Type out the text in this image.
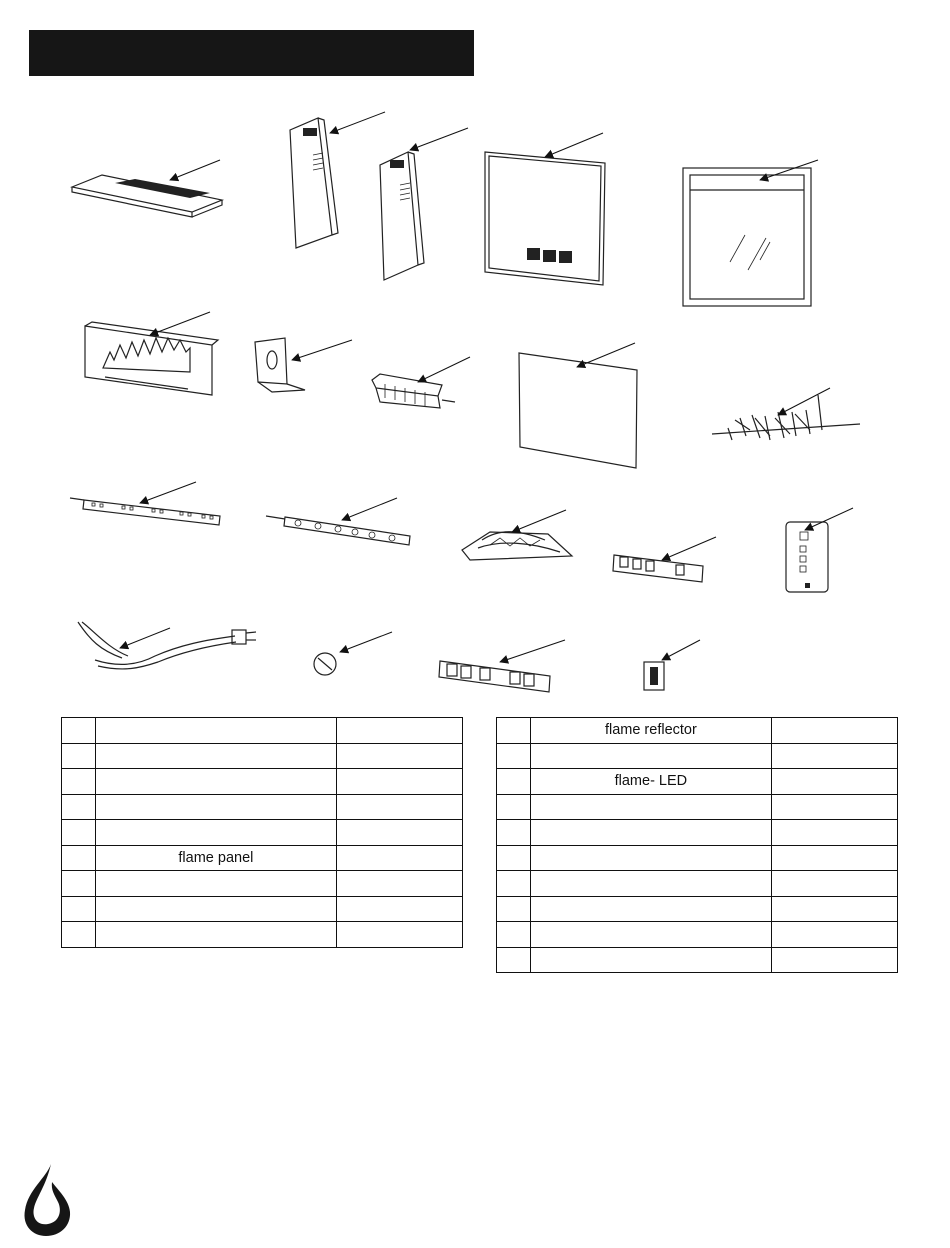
	flame panel	

	flame reflector	

	flame- LED	
